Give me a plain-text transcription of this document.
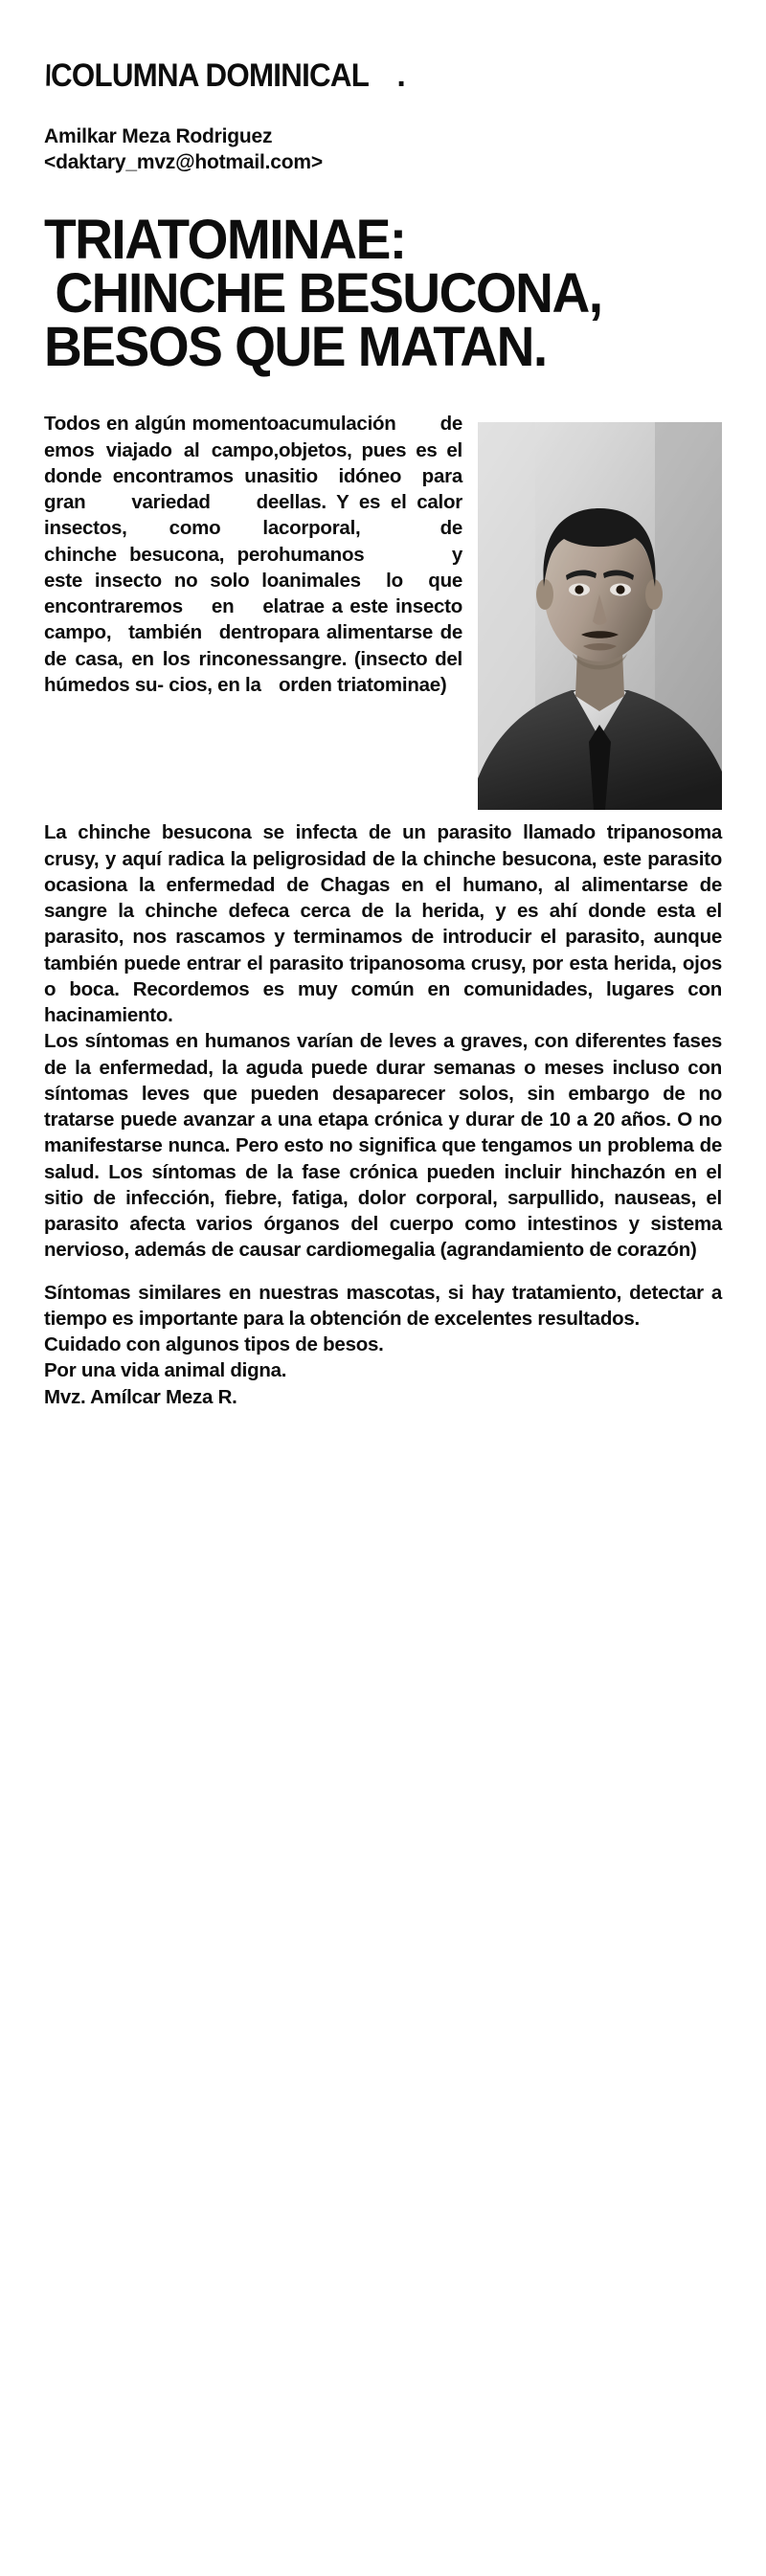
\
COLUMNA DOMINICAL .
Amilkar Meza Rodriguez
<daktary_mvz@hotmail.com>
TRIATOMINAE:
CHINCHE BESUCONA,
BESOS QUE MATAN.

Todos en algún momento emos viajado al campo, donde encontramos una gran variedad de insectos, como la chinche besucona, pero este insecto no solo lo encontraremos en el campo, también dentro de casa, en los rincones húmedos su- cios, en la

acumulación de objetos, pues es el sitio idóneo para ellas. Y es el calor corporal, de humanos y animales lo que atrae a este insecto para alimentarse de sangre. (insecto del orden triatominae)

La chinche besucona se infecta de un parasito llamado tripanosoma crusy, y aquí radica la peligrosidad de la chinche besucona, este parasito ocasiona la enfermedad de Chagas en el humano, al alimentarse de sangre la chinche defeca cerca de la herida, y es ahí donde esta el parasito, nos rascamos y terminamos de introducir el parasito, aunque también puede entrar el parasito tripanosoma crusy, por esta herida, ojos o boca. Recordemos es muy común en comunidades, lugares con hacinamiento.

Los síntomas en humanos varían de leves a graves, con diferentes fases de la enfermedad, la aguda puede durar semanas o meses incluso con síntomas leves que pueden desaparecer solos, sin embargo de no tratarse puede avanzar a una etapa crónica y durar de 10 a 20 años. O no manifestarse nunca. Pero esto no significa que tengamos un problema de salud. Los síntomas de la fase crónica pueden incluir hinchazón en el sitio de infección, fiebre, fatiga, dolor corporal, sarpullido, nauseas, el parasito afecta varios órganos del cuerpo como intestinos y sistema nervioso, además de causar cardiomegalia (agrandamiento de corazón)

Síntomas similares en nuestras mascotas, si hay tratamiento, detectar a tiempo es importante para la obtención de excelentes resultados.

Cuidado con algunos tipos de besos.

Por una vida animal digna.

Mvz. Amílcar Meza R.
